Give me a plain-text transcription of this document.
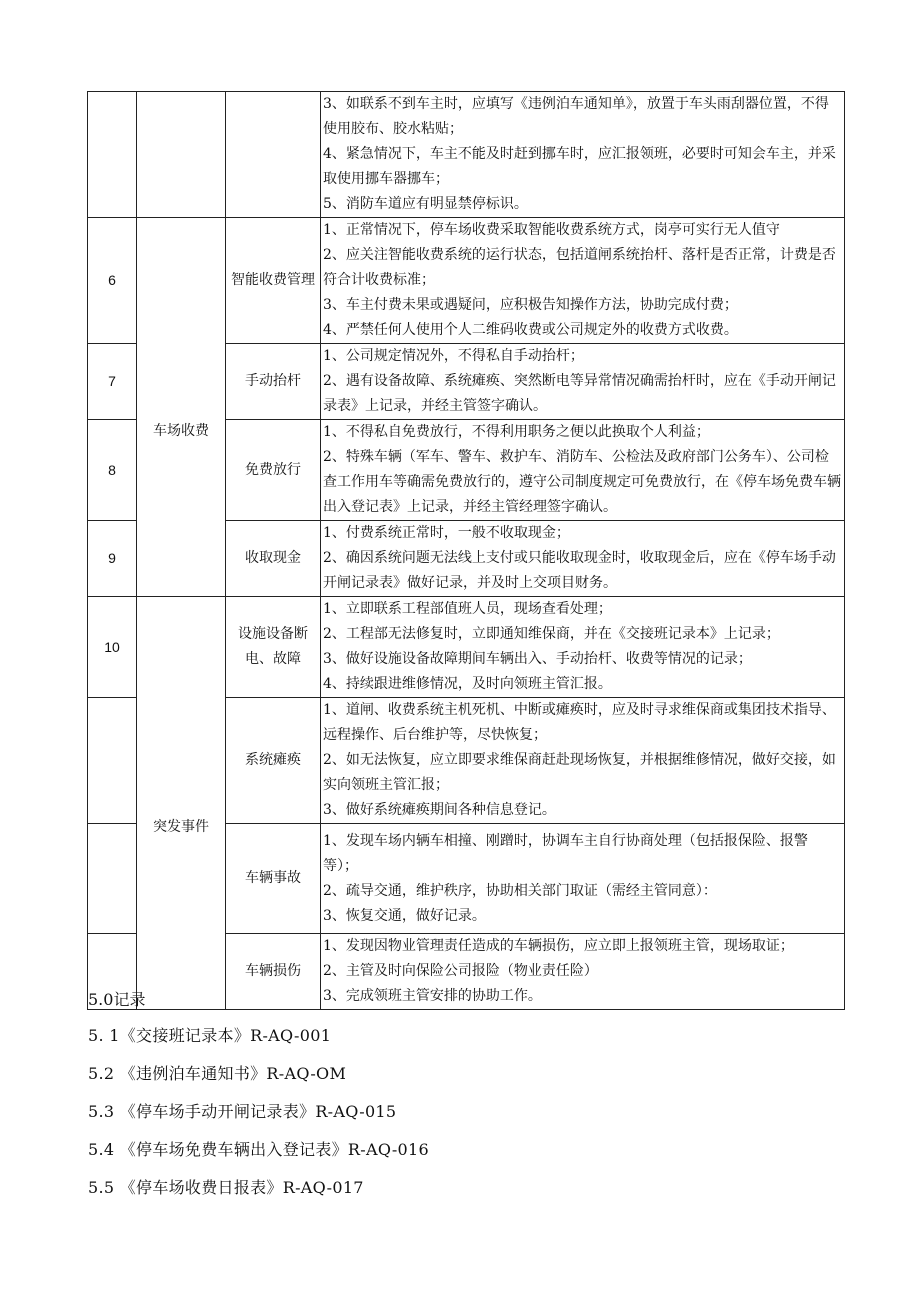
			3、如联系不到车主时，应填写《违例泊车通知单》，放置于车头雨刮器位置，不得使用胶布、胶水粘贴；
4、紧急情况下，车主不能及时赶到挪车时，应汇报领班，必要时可知会车主，并采取使用挪车器挪车；
5、消防车道应有明显禁停标识。

6	车场收费	智能收费管理	1、正常情况下，停车场收费采取智能收费系统方式，岗亭可实行无人值守
2、应关注智能收费系统的运行状态，包括道闸系统抬杆、落杆是否正常，计费是否符合计收费标准；
3、车主付费未果或遇疑问，应积极告知操作方法，协助完成付费；
4、严禁任何人使用个人二维码收费或公司规定外的收费方式收费。

7		手动抬杆	1、公司规定情况外，不得私自手动抬杆；
2、遇有设备故障、系统瘫痪、突然断电等异常情况确需抬杆时，应在《手动开闸记录表》上记录，并经主管签字确认。

8		免费放行	1、不得私自免费放行，不得利用职务之便以此换取个人利益；
2、特殊车辆（军车、警车、救护车、消防车、公检法及政府部门公务车）、公司检查工作用车等确需免费放行的，遵守公司制度规定可免费放行，在《停车场免费车辆出入登记表》上记录，并经主管经理签字确认。

9		收取现金	1、付费系统正常时，一般不收取现金；
2、确因系统问题无法线上支付或只能收取现金时，收取现金后，应在《停车场手动开闸记录表》做好记录，并及时上交项目财务。

10	突发事件	设施设备断电、故障	1、立即联系工程部值班人员，现场查看处理；
2、工程部无法修复时，立即通知维保商，并在《交接班记录本》上记录；
3、做好设施设备故障期间车辆出入、手动抬杆、收费等情况的记录；
4、持续跟进维修情况，及时向领班主管汇报。

		系统瘫痪	1、道闸、收费系统主机死机、中断或瘫痪时，应及时寻求维保商或集团技术指导、远程操作、后台维护等，尽快恢复；
2、如无法恢复，应立即要求维保商赶赴现场恢复，并根据维修情况，做好交接，如实向领班主管汇报；
3、做好系统瘫痪期间各种信息登记。

		车辆事故	1、发现车场内辆车相撞、刚蹭时，协调车主自行协商处理（包括报保险、报警等）；
2、疏导交通，维护秩序，协助相关部门取证（需经主管同意）：
3、恢复交通，做好记录。

		车辆损伤	1、发现因物业管理责任造成的车辆损伤，应立即上报领班主管，现场取证；
2、主管及时向保险公司报险（物业责任险）
3、完成领班主管安排的协助工作。
5.0记录
5. 1《交接班记录本》R-AQ-001
5.2 《违例泊车通知书》R-AQ-OM
5.3 《停车场手动开闸记录表》R-AQ-015
5.4 《停车场免费车辆出入登记表》R-AQ-016
5.5 《停车场收费日报表》R-AQ-017
